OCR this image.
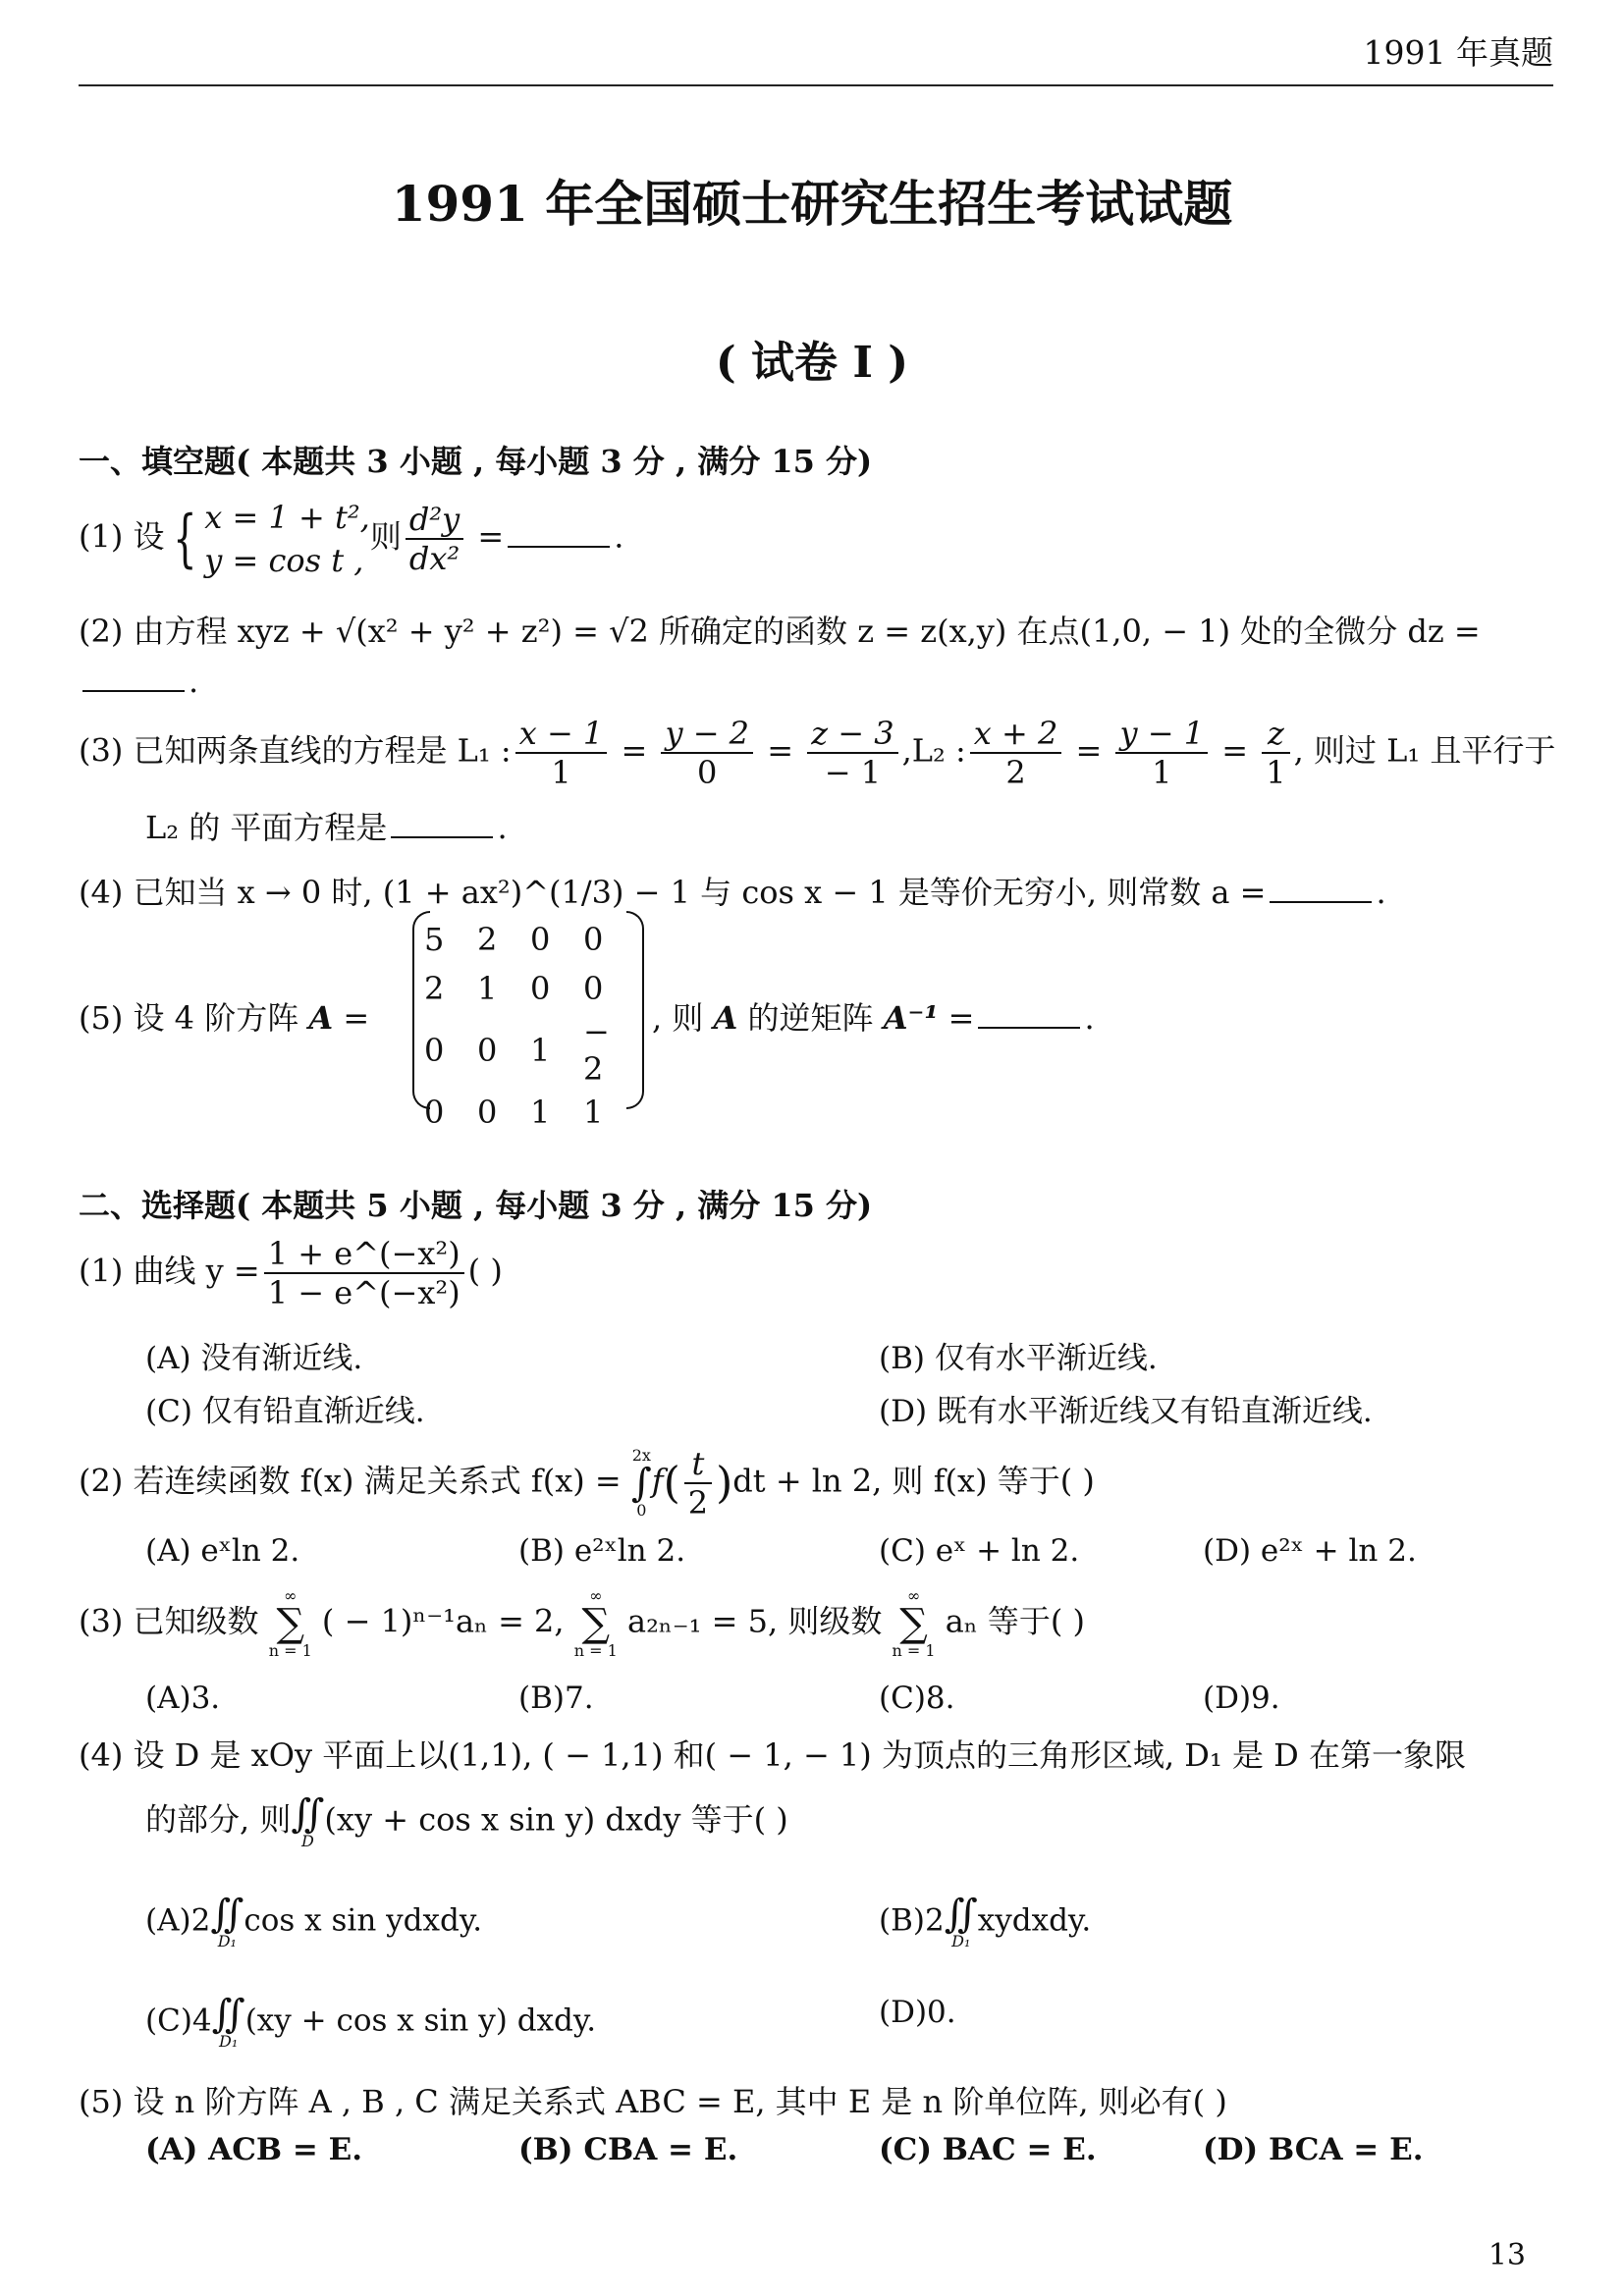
1991 年真题
1991 年全国硕士研究生招生考试试题
( 试卷 Ⅰ )
一、填空题( 本题共 3 小题 , 每小题 3 分 , 满分 15 分)
(1) 设 { x = 1 + t²,
y = cos t ,则 $\frac{\text{d²y}}{\text{dx²}}$ =	.
(2) 由方程 xyz + √(x² + y² + z²) = √2 所确定的函数 z = z(x,y) 在点(1,0, − 1) 处的全微分 dz =
.
(3) 已知两条直线的方程是 L₁ : $\frac{x - 1}{1} = \frac{y - 2}{0} = \frac{z - 3}{- 1} ,L_2$ : $\frac{x + 2}{2} = \frac{y - 1}{1} = \frac{z}{1}$ , 则过 L₁ 且平行于
L₂ 的 平面方程是	.
(4) 已知当 x → 0 时, (1 + ax²)^(1/3) − 1 与 cos x − 1 是等价无穷小, 则常数 a =	.
(5) 设 4 阶方阵 A =
5	2	0	0
2	1	0	0
0	0	1	− 2
0	0	1	1
, 则 A 的逆矩阵 A⁻¹ =	.
二、选择题( 本题共 5 小题 , 每小题 3 分 , 满分 15 分)
(1) 曲线 $y = \frac{\text{1 + e\textasciicircum{}(−x²)}}{\text{1 − e\textasciicircum{}(−x²)}}$ ( )
(A) 没有渐近线.	(B) 仅有水平渐近线.
(C) 仅有铅直渐近线.	(D) 既有水平渐近线又有铅直渐近线.
(2) 若连续函数 f(x) 满足关系式 f(x) =
2x
∫
0
$f( \frac{t}{2} )dt + \ln 2$, 则 f(x) 等于( )
(A) eˣln 2.	(B) e²ˣln 2.	(C) eˣ + ln 2.	(D) e²ˣ + ln 2.
(3) 已知级数
∞
∑
n = 1
( − 1)ⁿ⁻¹aₙ = 2,
∞
∑
n = 1
a₂ₙ₋₁ = 5, 则级数
∞
∑
n = 1
aₙ 等于( )
(A)3.	(B)7.	(C)8.	(D)9.
(4) 设 D 是 xOy 平面上以(1,1), ( − 1,1) 和( − 1, − 1) 为顶点的三角形区域, D₁ 是 D 在第一象限
的部分, 则 ∬
D
(xy + cos x sin y) dxdy 等于( )
(A)2 ∬
D₁
cos x sin ydxdy.	(B)2 ∬
D₁
xydxdy.
(C)4 ∬
D₁
(xy + cos x sin y) dxdy.	(D)0.
(5) 设 n 阶方阵 A , B , C 满足关系式 ABC = E, 其中 E 是 n 阶单位阵, 则必有( )
(A) ACB = E.	(B) CBA = E.	(C) BAC = E.	(D) BCA = E.
13
